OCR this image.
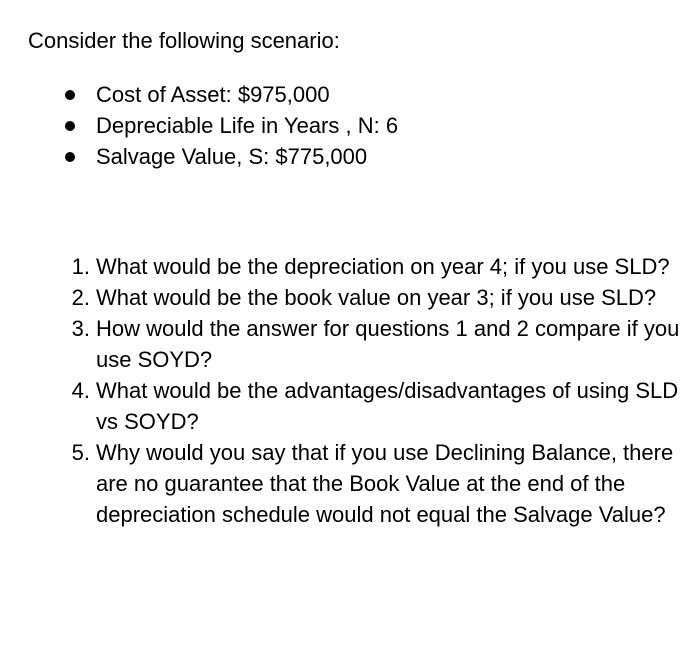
Consider the following scenario:
Cost of Asset: $975,000
Depreciable Life in Years , N: 6
Salvage Value, S: $775,000
1. What would be the depreciation on year 4; if you use SLD?
2. What would be the book value on year 3; if you use SLD?
3. How would the answer for questions 1 and 2 compare if you use SOYD?
4. What would be the advantages/disadvantages of using SLD vs SOYD?
5. Why would you say that if you use Declining Balance, there are no guarantee that the Book Value at the end of the depreciation schedule would not equal the Salvage Value?
